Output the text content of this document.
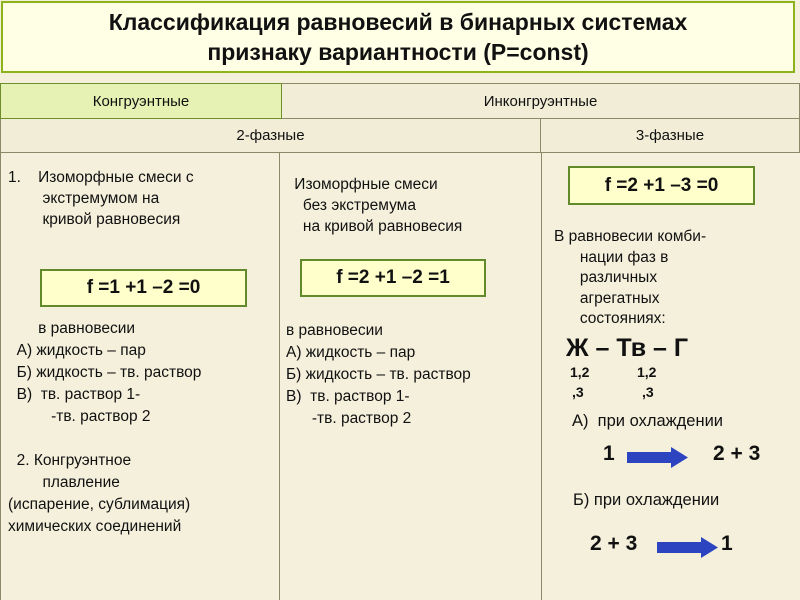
Классификация равновесий в бинарных системах
признаку вариантности (P=const)
Конгруэнтные	Инконгруэнтные
2-фазные	3-фазные
1.    Изоморфные смеси с
экстремумом на
кривой равновесия
f =1 +1 –2 =0
в равновесии
А) жидкость – пар
Б) жидкость – тв. раствор
В)  тв. раствор 1-
-тв. раствор 2

2. Конгруэнтное
плавление
(испарение, сублимация)
химических соединений
Изоморфные смеси
без экстремума
на кривой равновесия
f =2 +1 –2 =1
в равновесии
А) жидкость – пар
Б) жидкость – тв. раствор
В)  тв. раствор 1-
-тв. раствор 2
f =2 +1 –3 =0
В равновесии комби-
нации фаз в
различных
агрегатных
состояниях:
Ж – Тв – Г
1,2
,3
1,2
,3
А)  при охлаждении
1	2 + 3
Б) при охлаждении
2 + 3	1
